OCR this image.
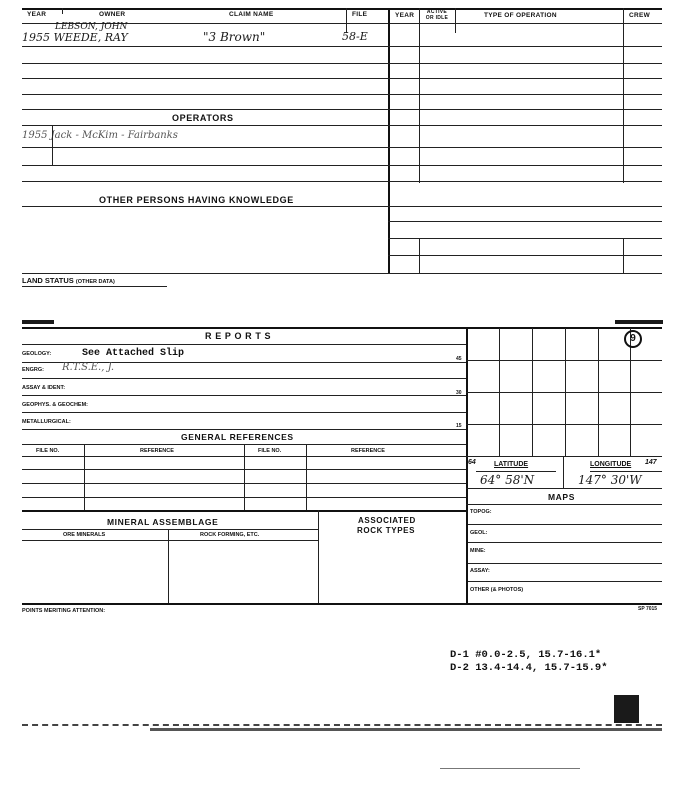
YEAR	OWNER	CLAIM NAME	FILE	YEAR	ACTIVE OR IDLE	TYPE OF OPERATION	CREW
LEBSON, JOHN
1955 WEEDE, RAY	"3 Brown"	58-E
OPERATORS
1955 Jack - McKim - Fairbanks
OTHER PERSONS HAVING KNOWLEDGE
LAND STATUS (OTHER DATA)
R E P O R T S
GEOLOGY:	See Attached Slip
ENGRG: R.T.S.E., J.
ASSAY & IDENT:
GEOPHYS. & GEOCHEM:
METALLURGICAL:
45
30
15
GENERAL REFERENCES
FILE NO.	REFERENCE	FILE NO.	REFERENCE
9
64	LATITUDE	LONGITUDE 147
64° 58'N	147° 30'W
MAPS
TOPOG:
GEOL:
MINE:
ASSAY:
OTHER (& PHOTOS)
MINERAL ASSEMBLAGE	ASSOCIATED
ROCK TYPES
ORE MINERALS	ROCK FORMING, ETC.
POINTS MERITING ATTENTION:	SP 7015
D-1 #0.0-2.5, 15.7-16.1*
D-2 13.4-14.4, 15.7-15.9*
